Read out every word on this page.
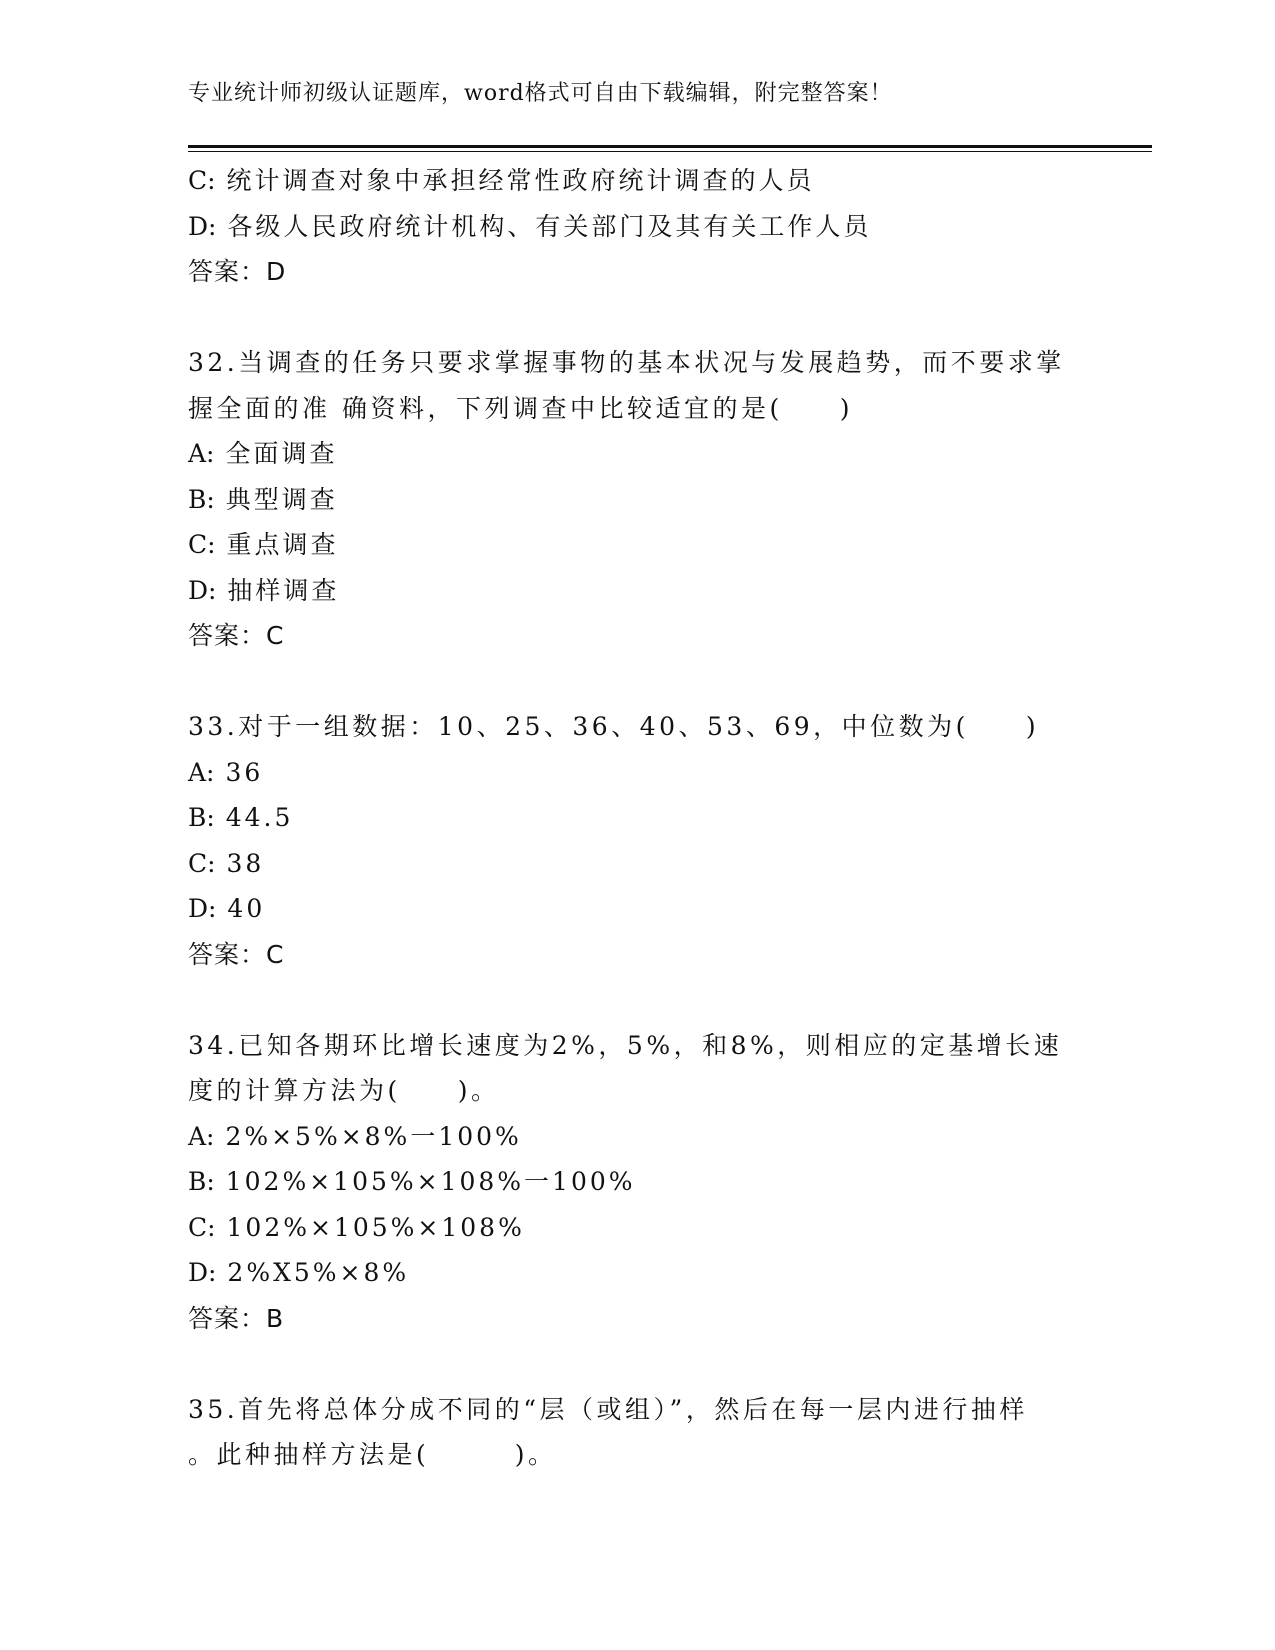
专业统计师初级认证题库，word格式可自由下载编辑，附完整答案！
C: 统计调查对象中承担经常性政府统计调查的人员
D: 各级人民政府统计机构、有关部门及其有关工作人员
答案：D
32.当调查的任务只要求掌握事物的基本状况与发展趋势，而不要求掌
握全面的准 确资料，下列调查中比较适宜的是(　　)
A: 全面调查
B: 典型调查
C: 重点调查
D: 抽样调查
答案：C
33.对于一组数据：10、25、36、40、53、69，中位数为(　　)
A: 36
B: 44.5
C: 38
D: 40
答案：C
34.已知各期环比增长速度为2%，5%，和8%，则相应的定基增长速
度的计算方法为(　　)。
A: 2%×5%×8%一100%
B: 102%×105%×108%一100%
C: 102%×105%×108%
D: 2%X5%×8%
答案：B
35.首先将总体分成不同的“层（或组）”，然后在每一层内进行抽样
。此种抽样方法是(　　　)。
